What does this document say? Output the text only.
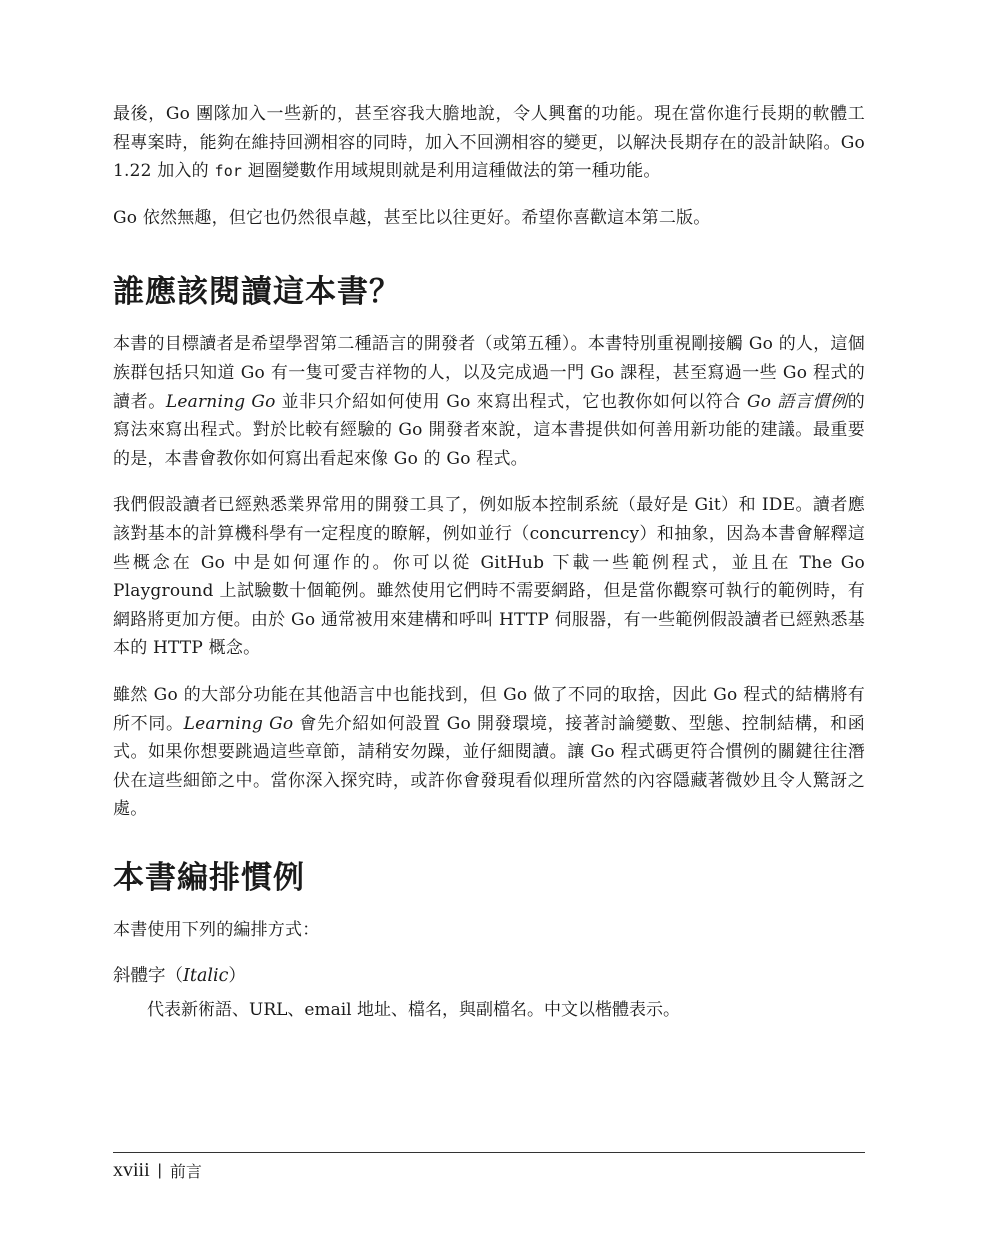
最後，Go 團隊加入一些新的，甚至容我大膽地說，令人興奮的功能。現在當你進行長期的軟體工程專案時，能夠在維持回溯相容的同時，加入不回溯相容的變更，以解決長期存在的設計缺陷。Go 1.22 加入的 for 迴圈變數作用域規則就是利用這種做法的第一種功能。

Go 依然無趣，但它也仍然很卓越，甚至比以往更好。希望你喜歡這本第二版。

誰應該閱讀這本書？

本書的目標讀者是希望學習第二種語言的開發者（或第五種）。本書特別重視剛接觸 Go 的人，這個族群包括只知道 Go 有一隻可愛吉祥物的人，以及完成過一門 Go 課程，甚至寫過一些 Go 程式的讀者。Learning Go 並非只介紹如何使用 Go 來寫出程式，它也教你如何以符合 Go 語言慣例的寫法來寫出程式。對於比較有經驗的 Go 開發者來說，這本書提供如何善用新功能的建議。最重要的是，本書會教你如何寫出看起來像 Go 的 Go 程式。

我們假設讀者已經熟悉業界常用的開發工具了，例如版本控制系統（最好是 Git）和 IDE。讀者應該對基本的計算機科學有一定程度的瞭解，例如並行（concurrency）和抽象，因為本書會解釋這些概念在 Go 中是如何運作的。你可以從 GitHub 下載一些範例程式，並且在 The Go Playground 上試驗數十個範例。雖然使用它們時不需要網路，但是當你觀察可執行的範例時，有網路將更加方便。由於 Go 通常被用來建構和呼叫 HTTP 伺服器，有一些範例假設讀者已經熟悉基本的 HTTP 概念。

雖然 Go 的大部分功能在其他語言中也能找到，但 Go 做了不同的取捨，因此 Go 程式的結構將有所不同。Learning Go 會先介紹如何設置 Go 開發環境，接著討論變數、型態、控制結構，和函式。如果你想要跳過這些章節，請稍安勿躁，並仔細閱讀。讓 Go 程式碼更符合慣例的關鍵往往潛伏在這些細節之中。當你深入探究時，或許你會發現看似理所當然的內容隱藏著微妙且令人驚訝之處。

本書編排慣例

本書使用下列的編排方式：

斜體字（Italic）

代表新術語、URL、email 地址、檔名，與副檔名。中文以楷體表示。

xviii | 前言
